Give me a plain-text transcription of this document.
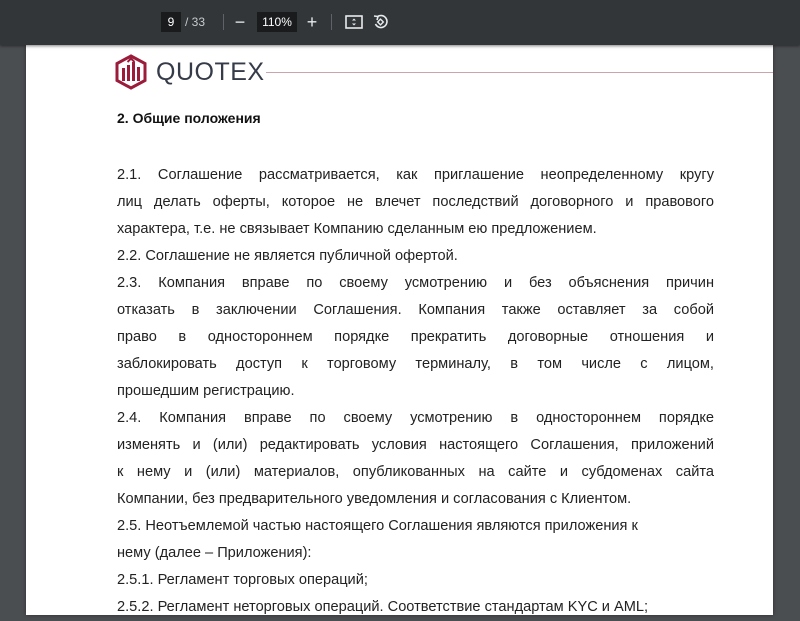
9 / 33	−	110% +
QUOTEX
2. Общие положения
2.1. Соглашение рассматривается, как приглашение неопределенному кругу
лиц делать оферты, которое не влечет последствий договорного и правового
характера, т.е. не связывает Компанию сделанным ею предложением.
2.2. Соглашение не является публичной офертой.
2.3. Компания вправе по своему усмотрению и без объяснения причин
отказать в заключении Соглашения. Компания также оставляет за собой
право в одностороннем порядке прекратить договорные отношения и
заблокировать доступ к торговому терминалу, в том числе с лицом,
прошедшим регистрацию.
2.4. Компания вправе по своему усмотрению в одностороннем порядке
изменять и (или) редактировать условия настоящего Соглашения, приложений
к нему и (или) материалов, опубликованных на сайте и субдоменах сайта
Компании, без предварительного уведомления и согласования с Клиентом.
2.5. Неотъемлемой частью настоящего Соглашения являются приложения к
нему (далее – Приложения):
2.5.1. Регламент торговых операций;
2.5.2. Регламент неторговых операций. Соответствие стандартам KYC и AML;
